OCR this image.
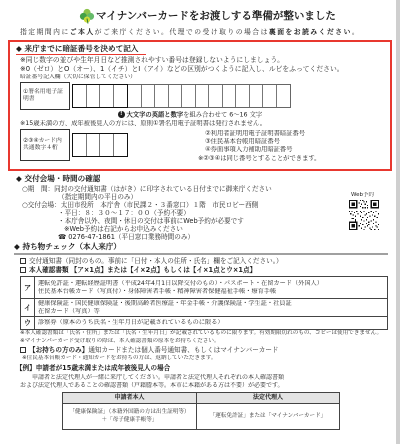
マイナンバーカードをお渡しする準備が整いました
指定期間内にご本人がご来庁ください。代理での受け取りの場合は裏面をお読みください。
◆ 来庁までに暗証番号を決めて記入
※同じ数字の並びや生年月日など推測されやすい番号は登録しないようにしましょう。
※0（ゼロ）とO（オー）、1（イチ）とI（アイ）などの区別がつくように記入し、ルビをふってください。
暗証番号記入欄（大切に保管してください）
①署名用電子証明書
!大文字の英語と数字を組み合わせて 6～16 文字
※15歳未満の方、成年被後見人の方には、原則①署名用電子証明書は発行されません。
②③④カード内共通数字４桁
②利用者証明用電子証明書暗証番号
③住民基本台帳用暗証番号
④券面事項入力補助用暗証番号
※②③④は同じ番号とすることができます。
◆ 交付会場・時間の確認
○期　間：同封の交付通知書（はがき）に印字されている日付までに御来庁ください
（指定期間内の平日のみ）
○交付会場：太田市役所　本庁舎（市民課２・３番窓口）１階　市民ロビー西側
・平日：８：３０～１７：００（予約不要）
・本庁舎以外、夜間・休日の交付は事前にWeb予約が必要です
※Web予約は右記からお申込みください
☎ 0276-47-1861（平日窓口業務時間のみ）
Web予約
◆ 持ち物チェック（本人来庁）
交付通知書（同封のもの。事前に「日付・本人の住所・氏名」欄をご記入ください。）
本人確認書類 【ア×1点】または【イ×2点】もしくは【イ×1点とウ×1点】
ア
運転免許証・運転経歴証明書（平成24年4月1日以降交付のもの）・パスポート・在留カード（外国人）
住民基本台帳カード（写真付）・身体障害者手帳・精神障害者保健福祉手帳・療育手帳
イ
健康保険証・国民健康保険証・後期高齢者医療証・年金手帳・介護保険証・学生証・社員証
在留カード（写真）等
ウ	診察券（原本のうち氏名・生年月日が記載されているものに限る）
※本人確認書類は「氏名・住所」または「氏名・生年月日」が記載されているものに限ります。有効期限切れのもの、コピーは使用できません。
※マイナンバーカード受け取りの際は、本人確認書類の原本をお持ちください。
【お持ちの方のみ】通知カードまたは個人番号通知書、もしくはマイナンバーカード
※住民基本台帳カード・通知カードをお持ちの方は、返納していただきます。
【例】申請者が15歳未満または成年被後見人の場合
申請者と法定代理人が一緒に来庁してください。申請者と法定代理人それぞれの本人確認書類
および法定代理人であることの確認書類（戸籍謄本等。本市に本籍がある方は不要）が必要です。
申請者本人	法定代理人
「健康保険証」（本籍外国籍の方は出生証明等）
＋「母子健康手帳等」
「運転免許証」または「マイナンバーカード」
